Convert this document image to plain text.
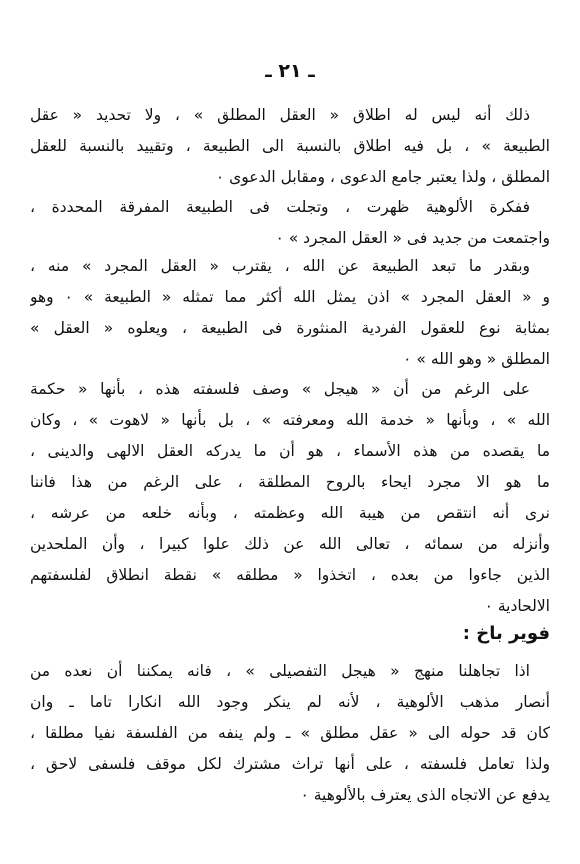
ـ ٢١ ـ
ذلك أنه ليس له اطلاق « العقل المطلق » ، ولا تحديد « عقل
الطبيعة » ، بل فيه اطلاق بالنسبة الى الطبيعة ، وتقييد بالنسبة للعقل
المطلق ، ولذا يعتبر جامع الدعوى ، ومقابل الدعوى ٠
ففكرة الألوهية ظهرت ، وتجلت فى الطبيعة المفرقة المحددة ،
واجتمعت من جديد فى « العقل المجرد » ٠
وبقدر ما تبعد الطبيعة عن الله ، يقترب « العقل المجرد » منه ،
و « العقل المجرد » اذن يمثل الله أكثر مما تمثله « الطبيعة » ٠ وهو
بمثابة نوع للعقول الفردية المنثورة فى الطبيعة ، ويعلوه « العقل »
المطلق « وهو الله » ٠
على الرغم من أن « هيجل » وصف فلسفته هذه ، بأنها « حكمة
الله » ، وبأنها « خدمة الله ومعرفته » ، بل بأنها « لاهوت » ، وكان
ما يقصده من هذه الأسماء ، هو أن ما يدركه العقل الالهى والدينى ،
ما هو الا مجرد ايحاء بالروح المطلقة ، على الرغم من هذا فاننا
نرى أنه انتقص من هيبة الله وعظمته ، وبأنه خلعه من عرشه ،
وأنزله من سمائه ، تعالى الله عن ذلك علوا كبيرا ، وأن الملحدين
الذين جاءوا من بعده ، اتخذوا « مطلقه » نقطة انطلاق لفلسفتهم
الالحادية ٠
فوير باخ :
اذا تجاهلنا منهج « هيجل التفصيلى » ، فانه يمكننا أن نعده من
أنصار مذهب الألوهية ، لأنه لم ينكر وجود الله انكارا تاما ـ وان
كان قد حوله الى « عقل مطلق » ـ ولم ينفه من الفلسفة نفيا مطلقا ،
ولذا تعامل فلسفته ، على أنها تراث مشترك لكل موقف فلسفى لاحق ،
يدفع عن الاتجاه الذى يعترف بالألوهية ٠
